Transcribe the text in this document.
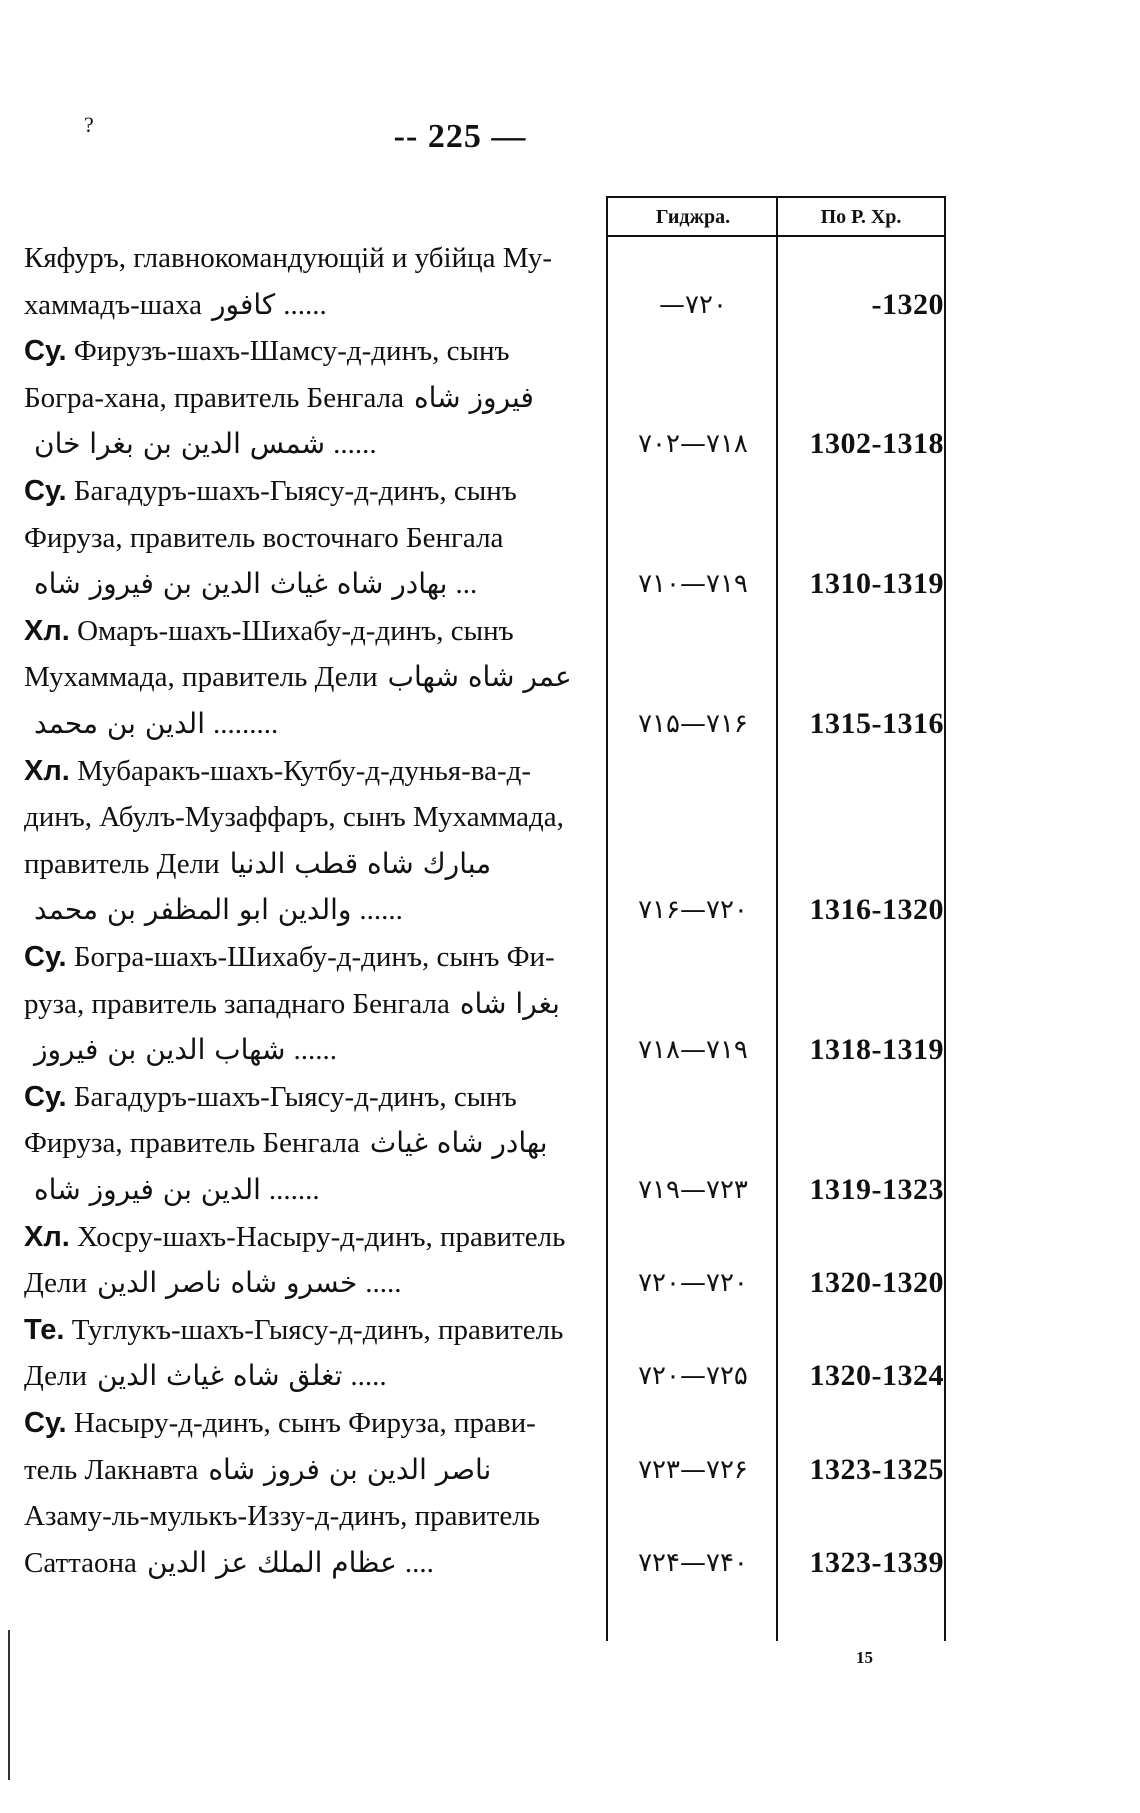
?	-- 225 —
Гиджра.	По Р. Хр.
Кяфуръ, главнокомандующій и убійца Му-
хаммадъ-шаха كافور ......	—۷۲۰	-1320
Су. Фирузъ-шахъ-Шамсу-д-динъ, сынъ
Богра-хана, правитель Бенгала فيروز شاه
شمس الدين بن بغرا خان ......	۷۰۲—۷۱۸	1302-1318
Су. Багадуръ-шахъ-Гыясу-д-динъ, сынъ
Фируза, правитель восточнаго Бенгала
بهادر شاه غياث الدين بن فيروز شاه ...	۷۱۰—۷۱۹	1310-1319
Хл. Омаръ-шахъ-Шихабу-д-динъ, сынъ
Мухаммада, правитель Дели عمر شاه شهاب
الدين بن محمد .........	۷۱۵—۷۱۶	1315-1316
Хл. Мубаракъ-шахъ-Кутбу-д-дунья-ва-д-
динъ, Абулъ-Музаффаръ, сынъ Мухаммада,
правитель Дели مبارك شاه قطب الدنيا
والدين ابو المظفر بن محمد ......	۷۱۶—۷۲۰	1316-1320
Су. Богра-шахъ-Шихабу-д-динъ, сынъ Фи-
руза, правитель западнаго Бенгала بغرا شاه
شهاب الدين بن فيروز ......	۷۱۸—۷۱۹	1318-1319
Су. Багадуръ-шахъ-Гыясу-д-динъ, сынъ
Фируза, правитель Бенгала بهادر شاه غياث
الدين بن فيروز شاه .......	۷۱۹—۷۲۳	1319-1323
Хл. Хосру-шахъ-Насыру-д-динъ, правитель
Дели خسرو شاه ناصر الدين .....	۷۲۰—۷۲۰	1320-1320
Те. Туглукъ-шахъ-Гыясу-д-динъ, правитель
Дели تغلق شاه غياث الدين .....	۷۲۰—۷۲۵	1320-1324
Су. Насыру-д-динъ, сынъ Фируза, прави-
тель Лакнавта ناصر الدين بن فروز شاه	۷۲۳—۷۲۶	1323-1325
Азаму-ль-мулькъ-Иззу-д-динъ, правитель
Саттаона عظام الملك عز الدين ....	۷۲۴—۷۴۰	1323-1339
15
